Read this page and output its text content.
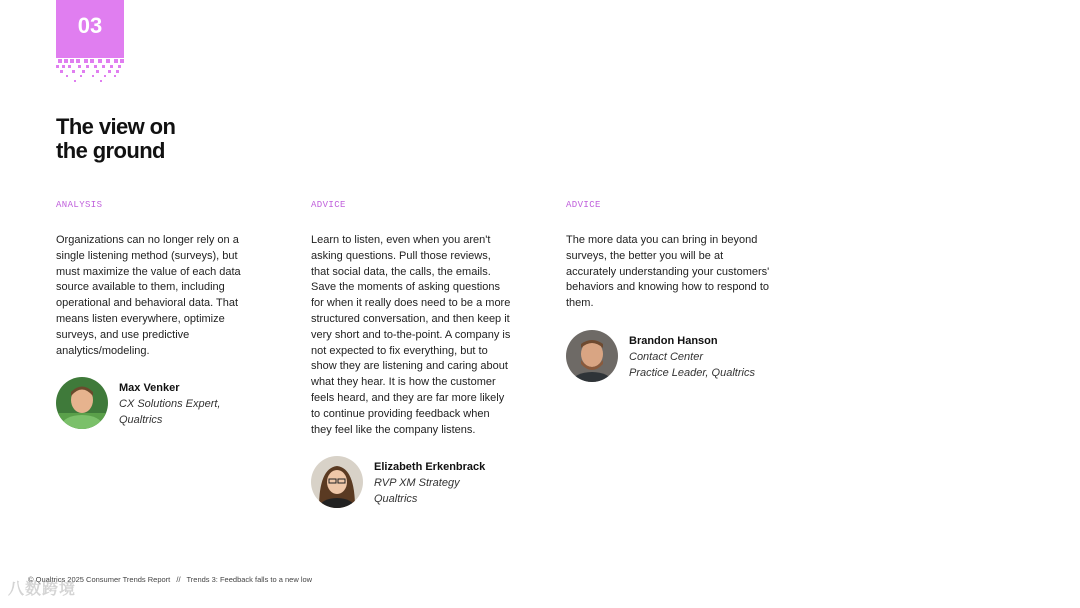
03
The view on
the ground
ANALYSIS
Organizations can no longer rely on a single listening method (surveys), but must maximize the value of each data source available to them, including operational and behavioral data. That means listen everywhere, optimize surveys, and use predictive analytics/modeling.
Max Venker
CX Solutions Expert,
Qualtrics
ADVICE
Learn to listen, even when you aren't asking questions. Pull those reviews, that social data, the calls, the emails. Save the moments of asking questions for when it really does need to be a more structured conversation, and then keep it very short and to-the-point. A company is not expected to fix everything, but to show they are listening and caring about what they hear. It is how the customer feels heard, and they are far more likely to continue providing feedback when they feel like the company listens.
Elizabeth Erkenbrack
RVP XM Strategy
Qualtrics
ADVICE
The more data you can bring in beyond surveys, the better you will be at accurately understanding your customers' behaviors and knowing how to respond to them.
Brandon Hanson
Contact Center
Practice Leader, Qualtrics
© Qualtrics 2025 Consumer Trends Report // Trends 3: Feedback falls to a new low
八数跨境
